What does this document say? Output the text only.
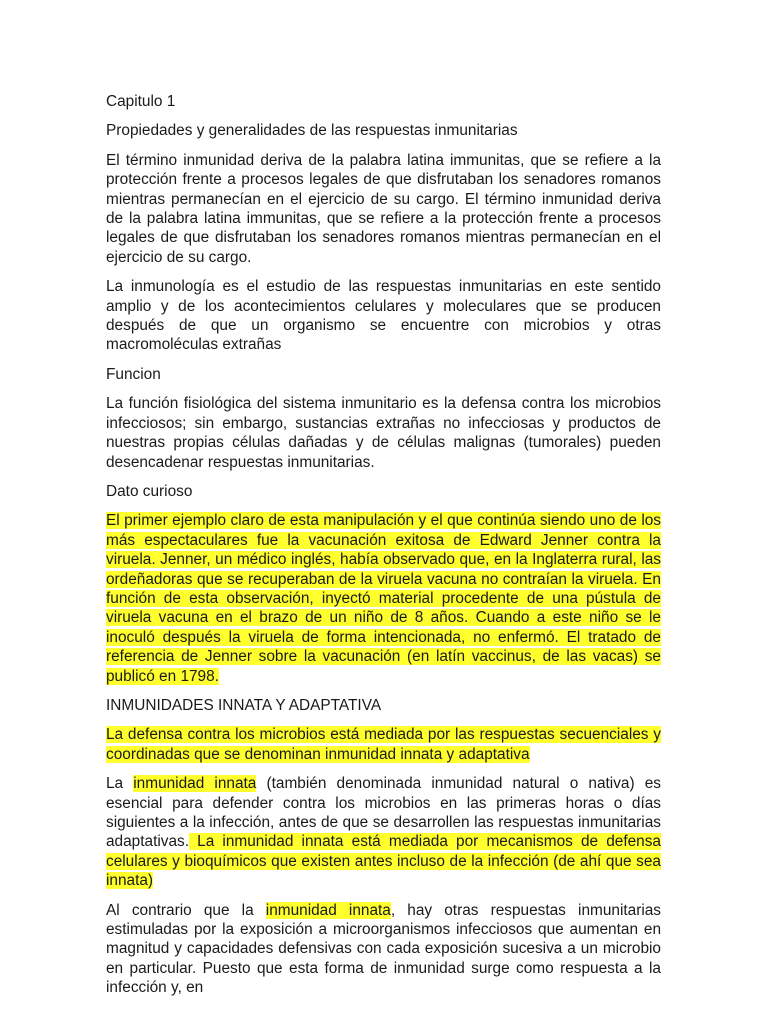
Capitulo 1

Propiedades y generalidades de las respuestas inmunitarias

El término inmunidad deriva de la palabra latina immunitas, que se refiere a la protección frente a procesos legales de que disfrutaban los senadores romanos mientras permanecían en el ejercicio de su cargo. El término inmunidad deriva de la palabra latina immunitas, que se refiere a la protección frente a procesos legales de que disfrutaban los senadores romanos mientras permanecían en el ejercicio de su cargo.

La inmunología es el estudio de las respuestas inmunitarias en este sentido amplio y de los acontecimientos celulares y moleculares que se producen después de que un organismo se encuentre con microbios y otras macromoléculas extrañas

Funcion

La función fisiológica del sistema inmunitario es la defensa contra los microbios infecciosos; sin embargo, sustancias extrañas no infecciosas y productos de nuestras propias células dañadas y de células malignas (tumorales) pueden desencadenar respuestas inmunitarias.

Dato curioso

El primer ejemplo claro de esta manipulación y el que continúa siendo uno de los más espectaculares fue la vacunación exitosa de Edward Jenner contra la viruela. Jenner, un médico inglés, había observado que, en la Inglaterra rural, las ordeñadoras que se recuperaban de la viruela vacuna no contraían la viruela. En función de esta observación, inyectó material procedente de una pústula de viruela vacuna en el brazo de un niño de 8 años. Cuando a este niño se le inoculó después la viruela de forma intencionada, no enfermó. El tratado de referencia de Jenner sobre la vacunación (en latín vaccinus, de las vacas) se publicó en 1798.

INMUNIDADES INNATA Y ADAPTATIVA

La defensa contra los microbios está mediada por las respuestas secuenciales y coordinadas que se denominan inmunidad innata y adaptativa

La inmunidad innata (también denominada inmunidad natural o nativa) es esencial para defender contra los microbios en las primeras horas o días siguientes a la infección, antes de que se desarrollen las respuestas inmunitarias adaptativas. La inmunidad innata está mediada por mecanismos de defensa celulares y bioquímicos que existen antes incluso de la infección (de ahí que sea innata)

Al contrario que la inmunidad innata, hay otras respuestas inmunitarias estimuladas por la exposición a microorganismos infecciosos que aumentan en magnitud y capacidades defensivas con cada exposición sucesiva a un microbio en particular. Puesto que esta forma de inmunidad surge como respuesta a la infección y, en
